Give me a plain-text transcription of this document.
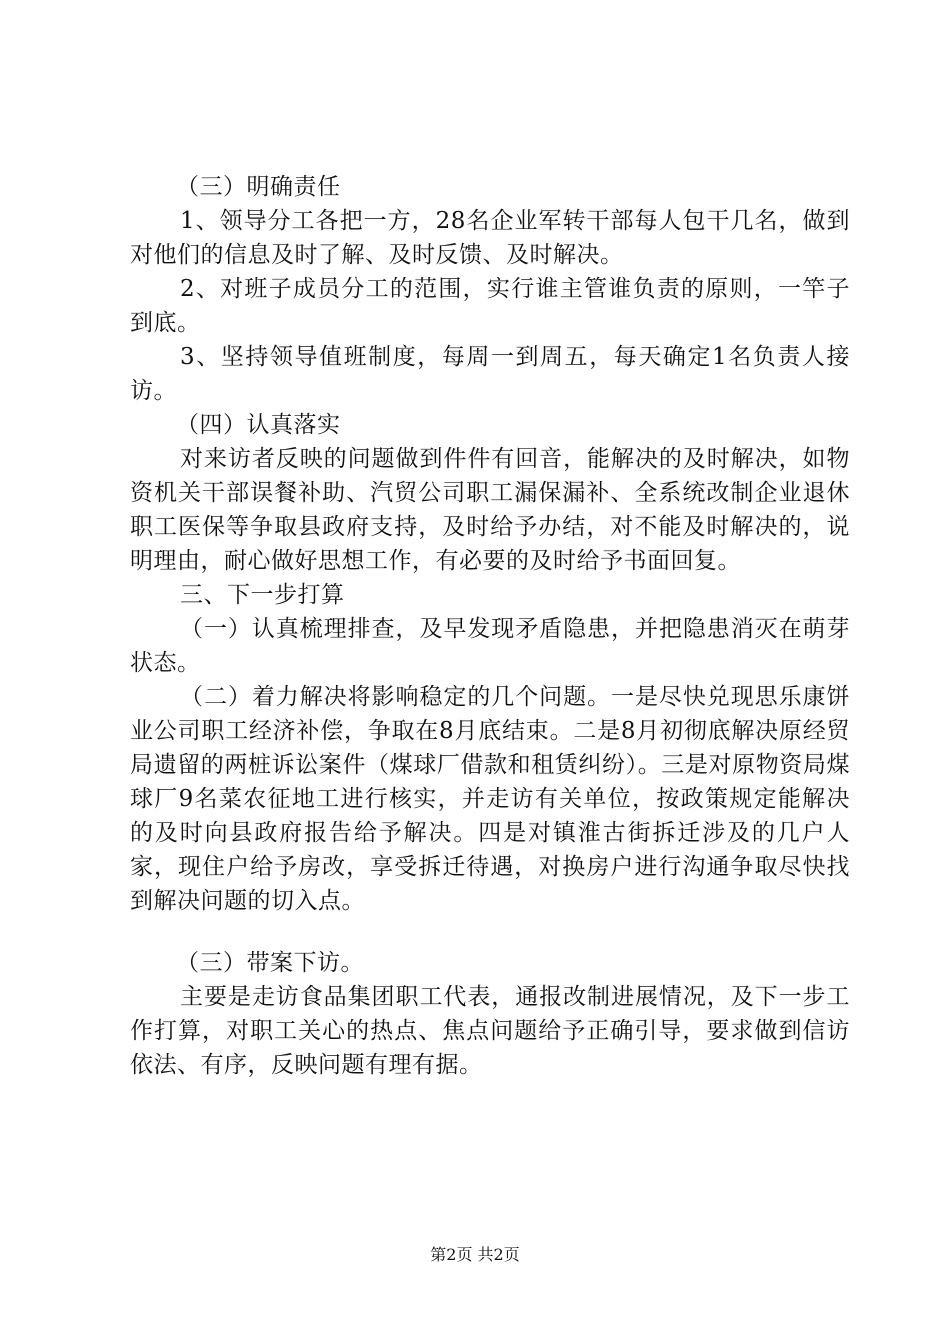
（三）明确责任

1、领导分工各把一方，28名企业军转干部每人包干几名，做到对他们的信息及时了解、及时反馈、及时解决。

2、对班子成员分工的范围，实行谁主管谁负责的原则，一竿子到底。

3、坚持领导值班制度，每周一到周五，每天确定1名负责人接访。

（四）认真落实

对来访者反映的问题做到件件有回音，能解决的及时解决，如物资机关干部误餐补助、汽贸公司职工漏保漏补、全系统改制企业退休职工医保等争取县政府支持，及时给予办结，对不能及时解决的，说明理由，耐心做好思想工作，有必要的及时给予书面回复。

三、下一步打算

（一）认真梳理排查，及早发现矛盾隐患，并把隐患消灭在萌芽状态。

（二）着力解决将影响稳定的几个问题。一是尽快兑现思乐康饼业公司职工经济补偿，争取在8月底结束。二是8月初彻底解决原经贸局遗留的两桩诉讼案件（煤球厂借款和租赁纠纷）。三是对原物资局煤球厂9名菜农征地工进行核实，并走访有关单位，按政策规定能解决的及时向县政府报告给予解决。四是对镇淮古街拆迁涉及的几户人家，现住户给予房改，享受拆迁待遇，对换房户进行沟通争取尽快找到解决问题的切入点。

（三）带案下访。

主要是走访食品集团职工代表，通报改制进展情况，及下一步工作打算，对职工关心的热点、焦点问题给予正确引导，要求做到信访依法、有序，反映问题有理有据。

第2页 共2页
